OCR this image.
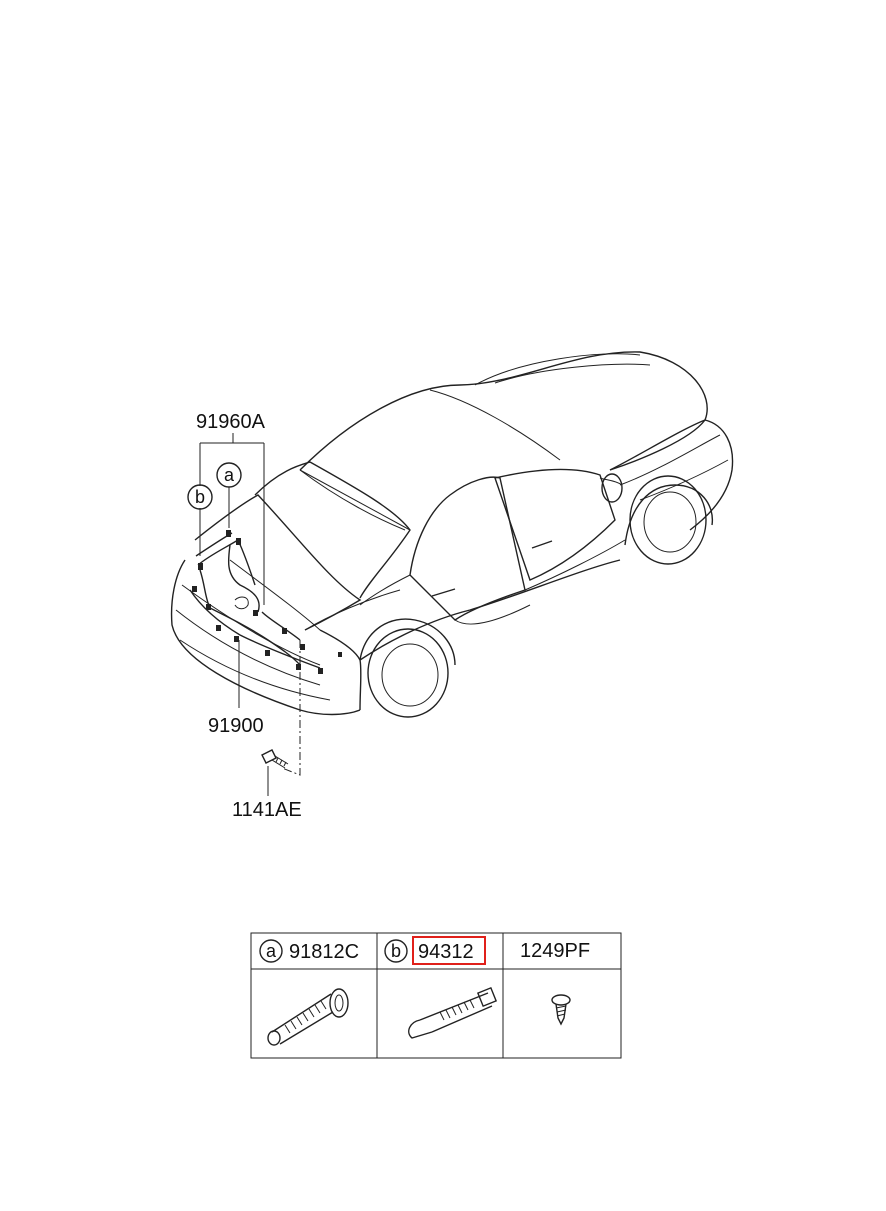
a
b
91960A
91900
1141AE
a 91812C b 94312 1249PF
